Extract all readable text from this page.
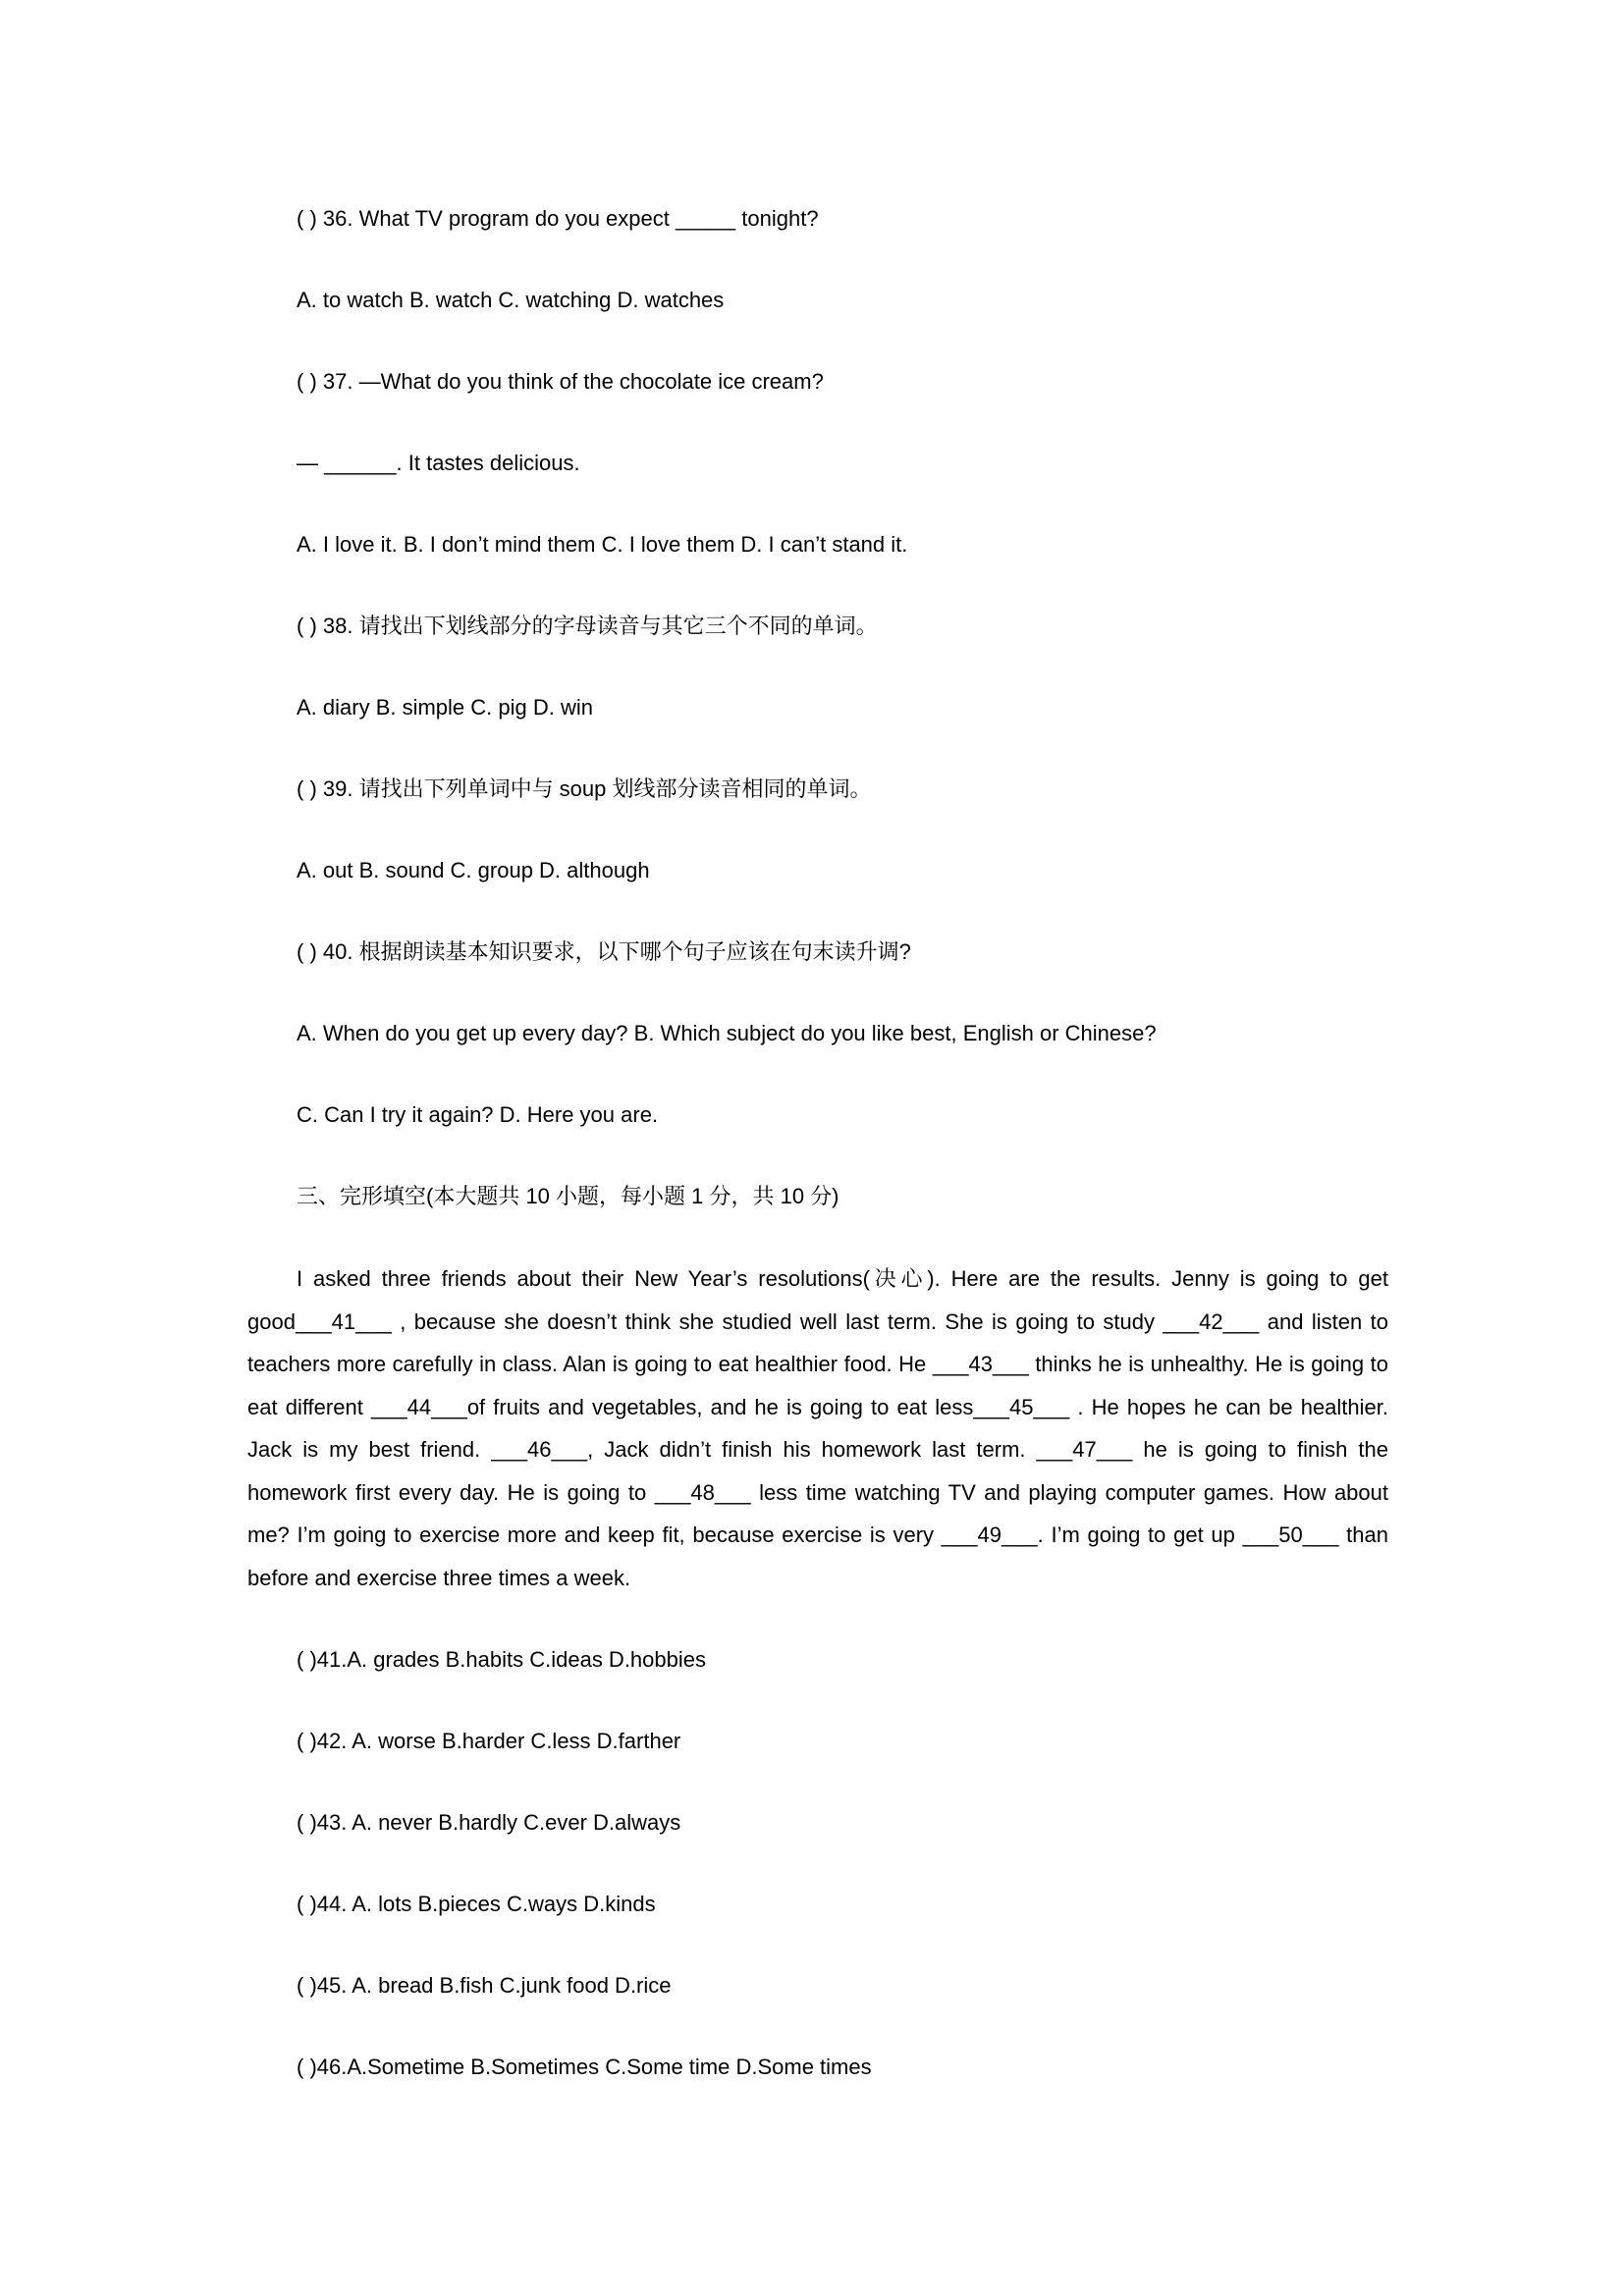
( ) 36. What TV program do you expect _____ tonight?
A. to watch B. watch C. watching D. watches
( ) 37. —What do you think of the chocolate ice cream?
— ______. It tastes delicious.
A. I love it. B. I don’t mind them C. I love them D. I can’t stand it.
( ) 38. 请找出下划线部分的字母读音与其它三个不同的单词。
A. diary B. simple C. pig D. win
( ) 39. 请找出下列单词中与 soup 划线部分读音相同的单词。
A. out B. sound C. group D. although
( ) 40. 根据朗读基本知识要求，以下哪个句子应该在句末读升调?
A. When do you get up every day? B. Which subject do you like best, English or Chinese?
C. Can I try it again? D. Here you are.
三、完形填空(本大题共 10 小题，每小题 1 分，共 10 分)

I asked three friends about their New Year’s resolutions(决心). Here are the results. Jenny is going to get good___41___ , because she doesn’t think she studied well last term. She is going to study ___42___ and listen to teachers more carefully in class. Alan is going to eat healthier food. He ___43___ thinks he is unhealthy. He is going to eat different ___44___of fruits and vegetables, and he is going to eat less___45___ . He hopes he can be healthier. Jack is my best friend. ___46___, Jack didn’t finish his homework last term. ___47___ he is going to finish the homework first every day. He is going to ___48___ less time watching TV and playing computer games. How about me? I’m going to exercise more and keep fit, because exercise is very ___49___. I’m going to get up ___50___ than before and exercise three times a week.

( )41.A. grades B.habits C.ideas D.hobbies
( )42. A. worse B.harder C.less D.farther
( )43. A. never B.hardly C.ever D.always
( )44. A. lots B.pieces C.ways D.kinds
( )45. A. bread B.fish C.junk food D.rice
( )46.A.Sometime B.Sometimes C.Some time D.Some times
